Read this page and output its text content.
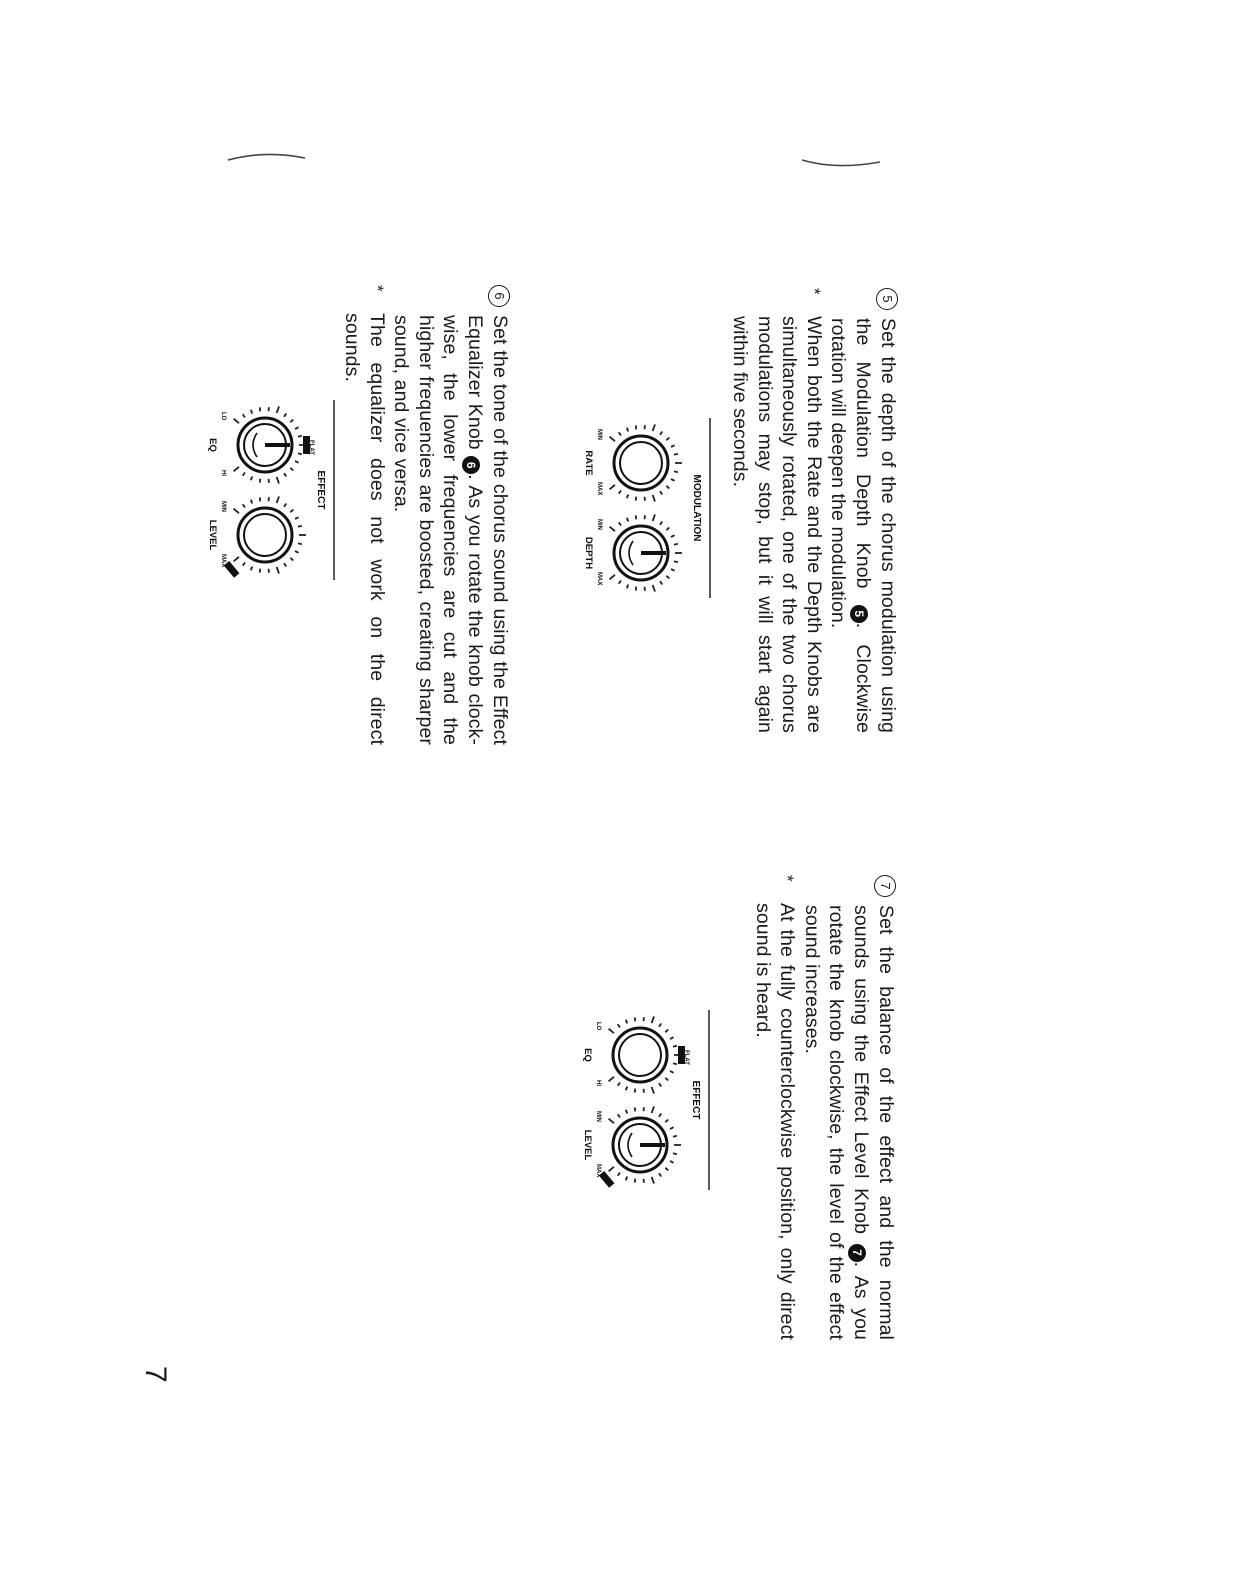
5

Set the depth of the chorus modulation using the Modulation Depth Knob 5. Clockwise rotation will deepen the modulation.

*

When both the Rate and the Depth Knobs are simultaneously rotated, one of the two chorus modulations may stop, but it will start again within five seconds.

6

Set the tone of the chorus sound using the Effect Equalizer Knob 6. As you rotate the knob clock-wise, the lower frequencies are cut and the higher frequencies are boosted, creating sharper sound, and vice versa.

*

The equalizer does not work on the direct sounds.

7

Set the balance of the effect and the normal sounds using the Effect Level Knob 7. As you rotate the knob clockwise, the level of the effect sound increases.

*

At the fully counterclockwise position, only direct sound is heard.

MODULATION
MIN
MAX
RATE
MIN
MAX
DEPTH
EFFECT
FLAT
LO
HI
EQ
MIN
MAX
LEVEL
EFFECT
FLAT
LO
HI
EQ
MIN
MAX
LEVEL
7
